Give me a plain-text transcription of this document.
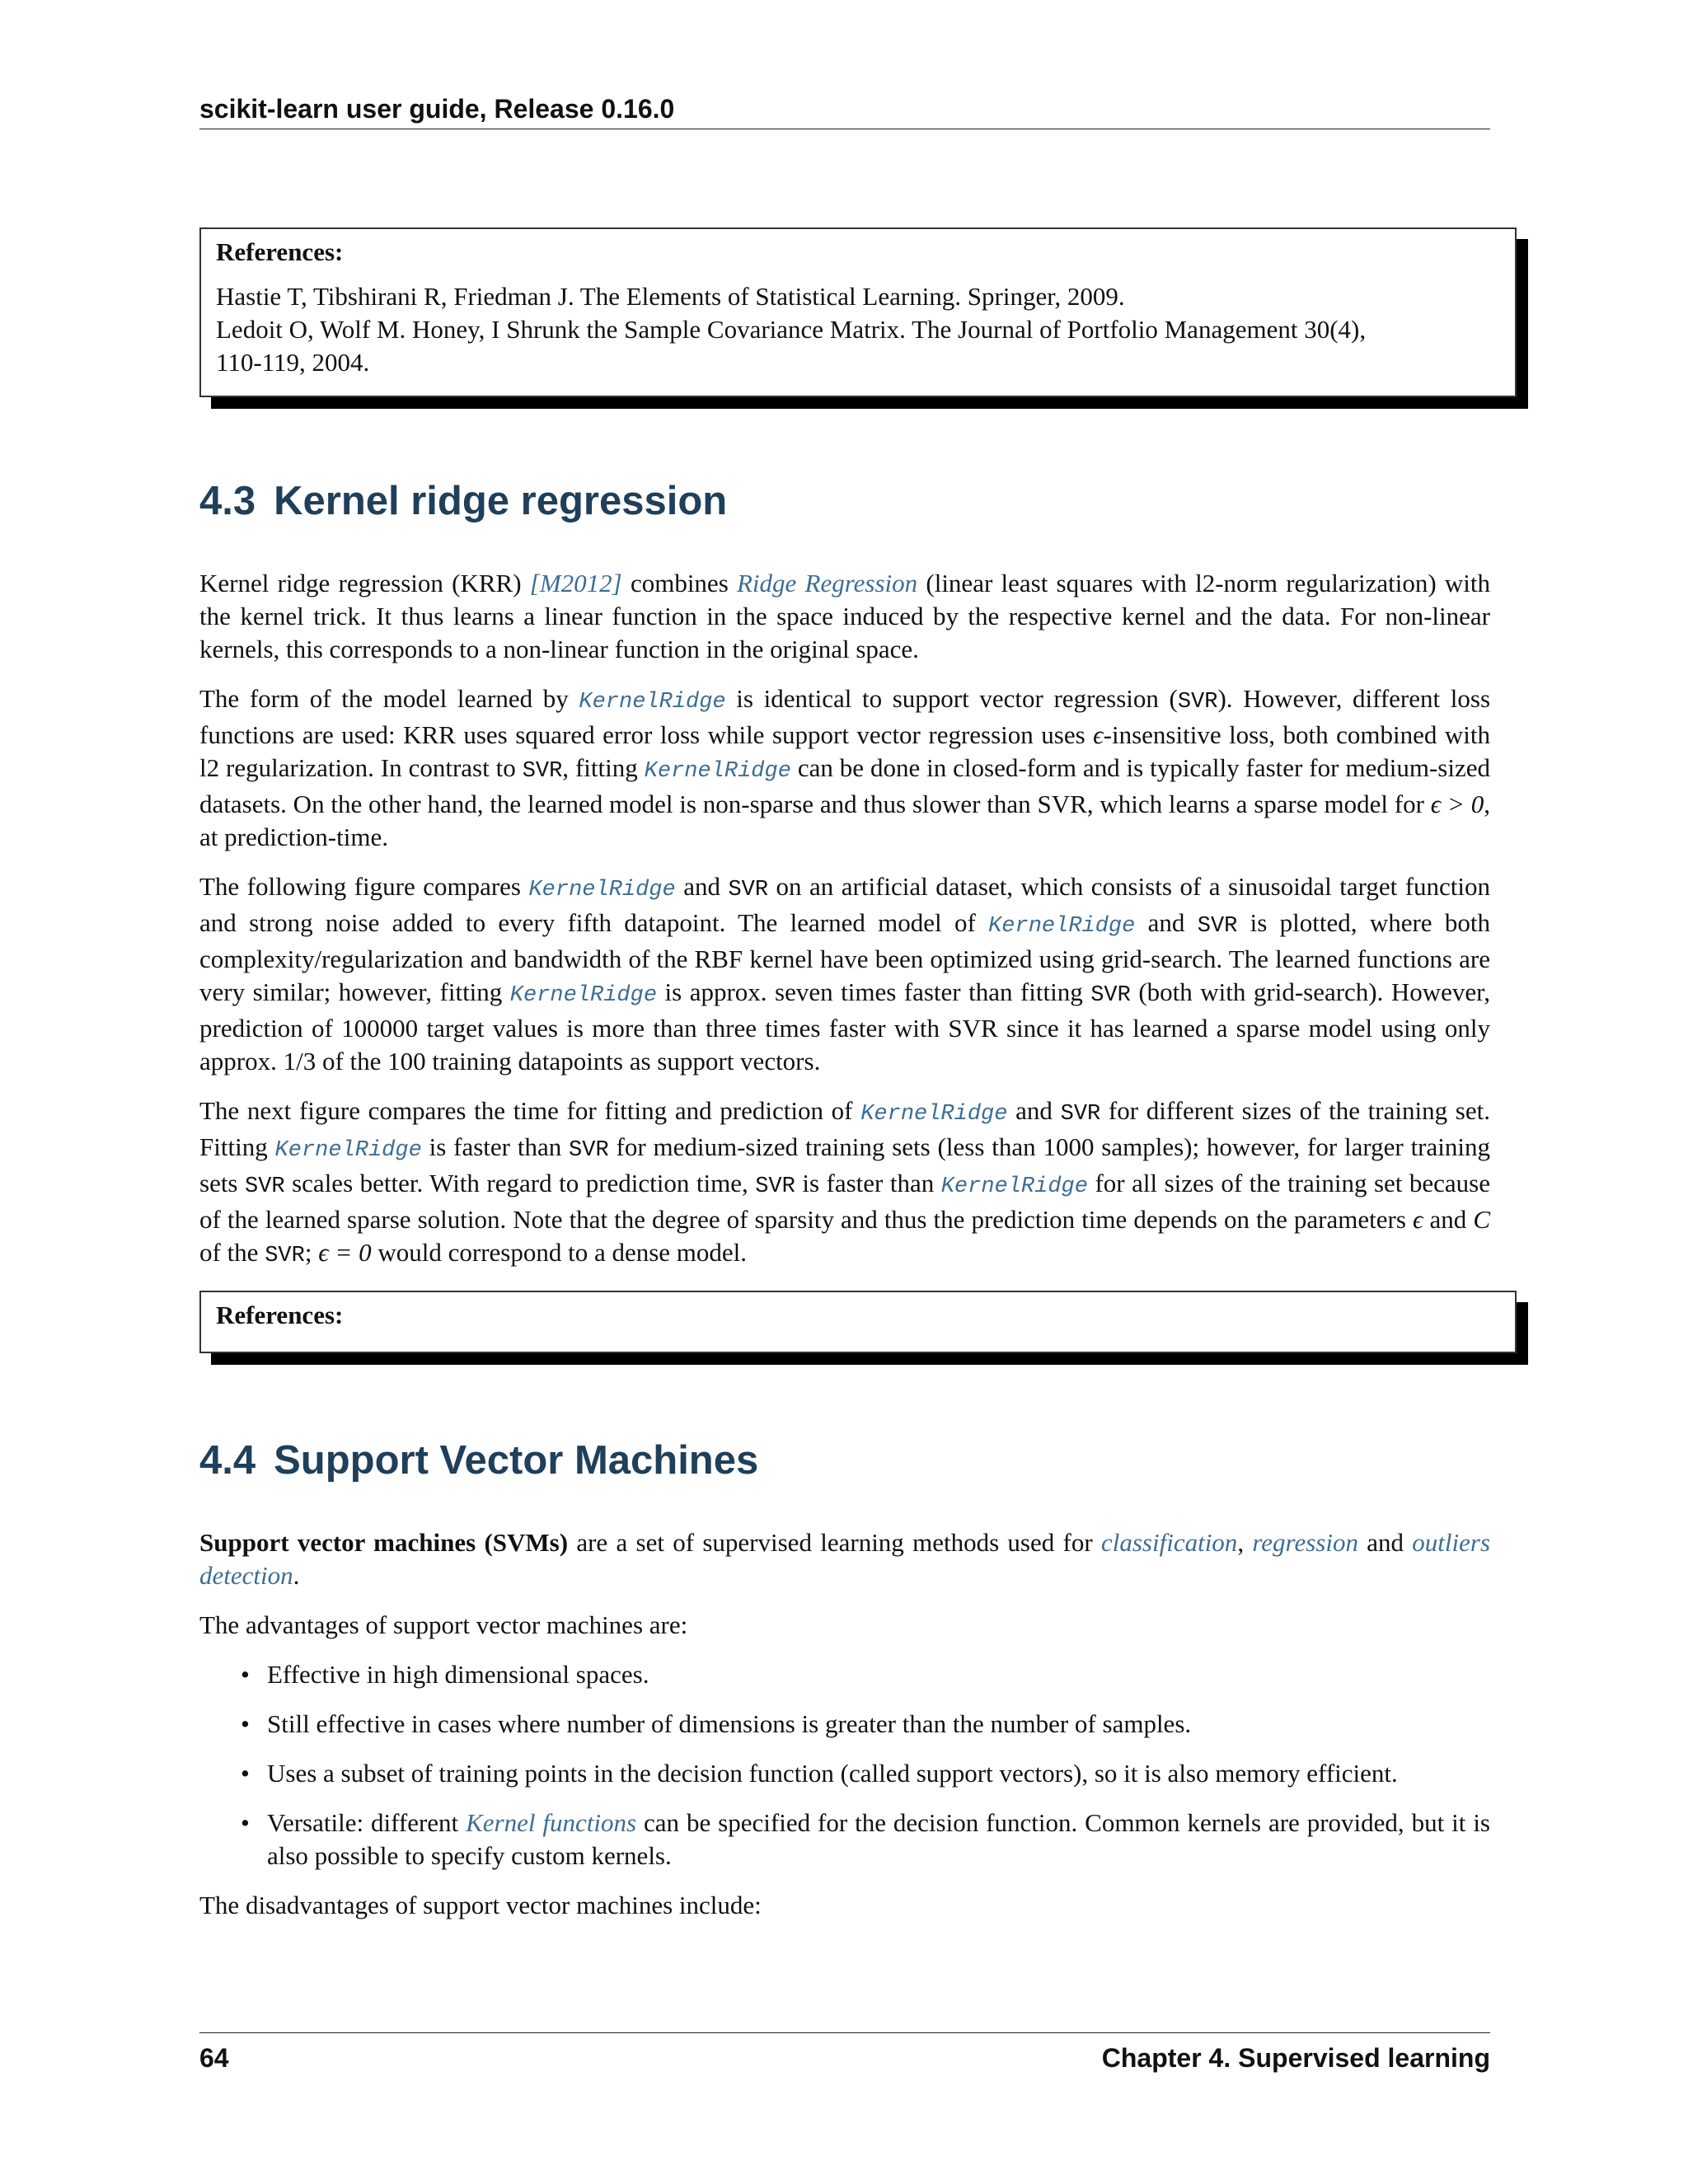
scikit-learn user guide, Release 0.16.0

References:

Hastie T, Tibshirani R, Friedman J. The Elements of Statistical Learning. Springer, 2009.

Ledoit O, Wolf M. Honey, I Shrunk the Sample Covariance Matrix. The Journal of Portfolio Management 30(4),

110-119, 2004.

4.3 Kernel ridge regression

Kernel ridge regression (KRR) [M2012] combines Ridge Regression (linear least squares with l2-norm regularization) with the kernel trick. It thus learns a linear function in the space induced by the respective kernel and the data. For non-linear kernels, this corresponds to a non-linear function in the original space.

The form of the model learned by KernelRidge is identical to support vector regression (SVR). However, different loss functions are used: KRR uses squared error loss while support vector regression uses ϵ-insensitive loss, both combined with l2 regularization. In contrast to SVR, fitting KernelRidge can be done in closed-form and is typically faster for medium-sized datasets. On the other hand, the learned model is non-sparse and thus slower than SVR, which learns a sparse model for ϵ > 0, at prediction-time.

The following figure compares KernelRidge and SVR on an artificial dataset, which consists of a sinusoidal target function and strong noise added to every fifth datapoint. The learned model of KernelRidge and SVR is plotted, where both complexity/regularization and bandwidth of the RBF kernel have been optimized using grid-search. The learned functions are very similar; however, fitting KernelRidge is approx. seven times faster than fitting SVR (both with grid-search). However, prediction of 100000 target values is more than three times faster with SVR since it has learned a sparse model using only approx. 1/3 of the 100 training datapoints as support vectors.

The next figure compares the time for fitting and prediction of KernelRidge and SVR for different sizes of the training set. Fitting KernelRidge is faster than SVR for medium-sized training sets (less than 1000 samples); however, for larger training sets SVR scales better. With regard to prediction time, SVR is faster than KernelRidge for all sizes of the training set because of the learned sparse solution. Note that the degree of sparsity and thus the prediction time depends on the parameters ϵ and C of the SVR; ϵ = 0 would correspond to a dense model.

References:

4.4 Support Vector Machines

Support vector machines (SVMs) are a set of supervised learning methods used for classification, regression and outliers detection.

The advantages of support vector machines are:

• Effective in high dimensional spaces.
• Still effective in cases where number of dimensions is greater than the number of samples.
• Uses a subset of training points in the decision function (called support vectors), so it is also memory efficient.
• Versatile: different Kernel functions can be specified for the decision function. Common kernels are provided, but it is also possible to specify custom kernels.

The disadvantages of support vector machines include:

64	Chapter 4. Supervised learning
